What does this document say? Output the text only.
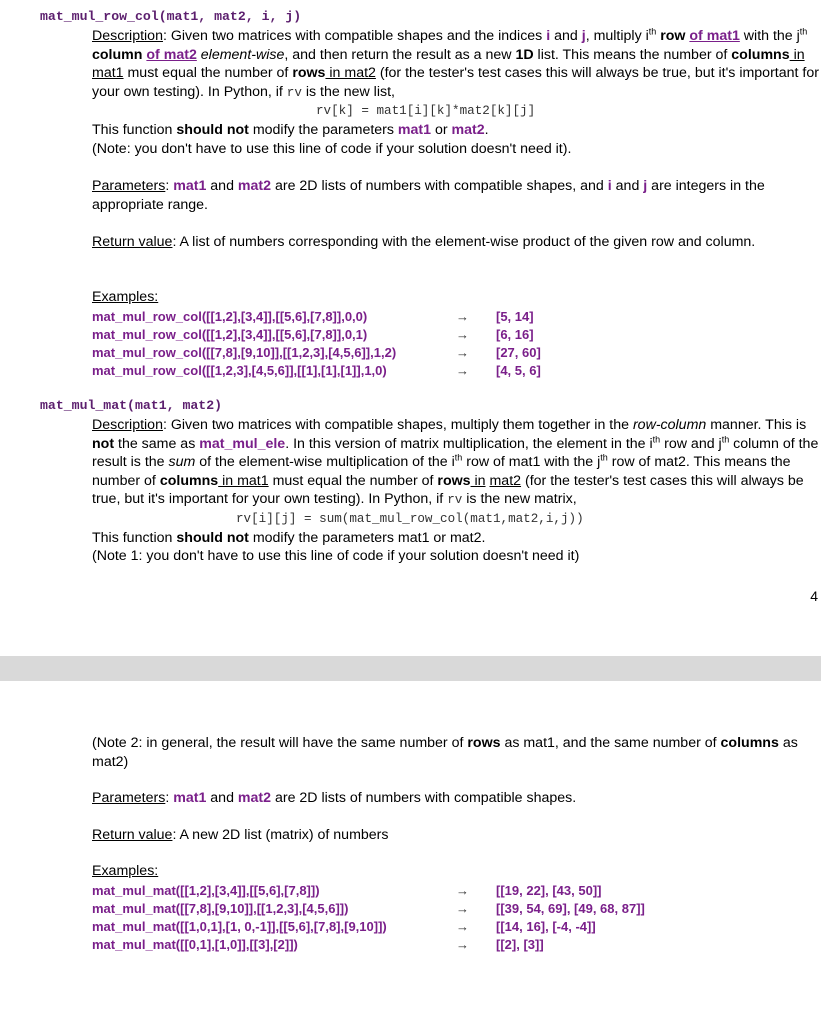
mat_mul_row_col(mat1, mat2, i, j)

Description: Given two matrices with compatible shapes and the indices i and j, multiply $i^{th}$ row of mat1 with the $j^{th}$ column of mat2 element-wise, and then return the result as a new 1D list. This means the number of columns in mat1 must equal the number of rows in mat2 (for the tester's test cases this will always be true, but it's important for your own testing). In Python, if rv is the new list,

rv[k] = mat1[i][k]*mat2[k][j]

This function should not modify the parameters mat1 or mat2.

(Note: you don't have to use this line of code if your solution doesn't need it).

Parameters: mat1 and mat2 are 2D lists of numbers with compatible shapes, and i and j are integers in the appropriate range.

Return value: A list of numbers corresponding with the element-wise product of the given row and column.

Examples:
mat_mul_row_col([[1,2],[3,4]],[[5,6],[7,8]],0,0)	→ [5, 14]
mat_mul_row_col([[1,2],[3,4]],[[5,6],[7,8]],0,1)	→ [6, 16]
mat_mul_row_col([[7,8],[9,10]],[[1,2,3],[4,5,6]],1,2)	→ [27, 60]
mat_mul_row_col([[1,2,3],[4,5,6]],[[1],[1],[1]],1,0)	→ [4, 5, 6]
mat_mul_mat(mat1, mat2)

Description: Given two matrices with compatible shapes, multiply them together in the row-column manner. This is not the same as mat_mul_ele. In this version of matrix multiplication, the element in the $i^{th}$ row and $j^{th}$ column of the result is the sum of the element-wise multiplication of the $i^{th}$ row of mat1 with the $j^{th}$ row of mat2. This means the number of columns in mat1 must equal the number of rows in mat2 (for the tester's test cases this will always be true, but it's important for your own testing). In Python, if rv is the new matrix,

rv[i][j] = sum(mat_mul_row_col(mat1,mat2,i,j))

This function should not modify the parameters mat1 or mat2.

(Note 1: you don't have to use this line of code if your solution doesn't need it)

4

(Note 2: in general, the result will have the same number of rows as mat1, and the same number of columns as mat2)

Parameters: mat1 and mat2 are 2D lists of numbers with compatible shapes.

Return value: A new 2D list (matrix) of numbers

Examples:
mat_mul_mat([[1,2],[3,4]],[[5,6],[7,8]])	→ [[19, 22], [43, 50]]
mat_mul_mat([[7,8],[9,10]],[[1,2,3],[4,5,6]])	→ [[39, 54, 69], [49, 68, 87]]
mat_mul_mat([[1,0,1],[1, 0,-1]],[[5,6],[7,8],[9,10]])	→ [[14, 16], [-4, -4]]
mat_mul_mat([[0,1],[1,0]],[[3],[2]])	→ [[2], [3]]
